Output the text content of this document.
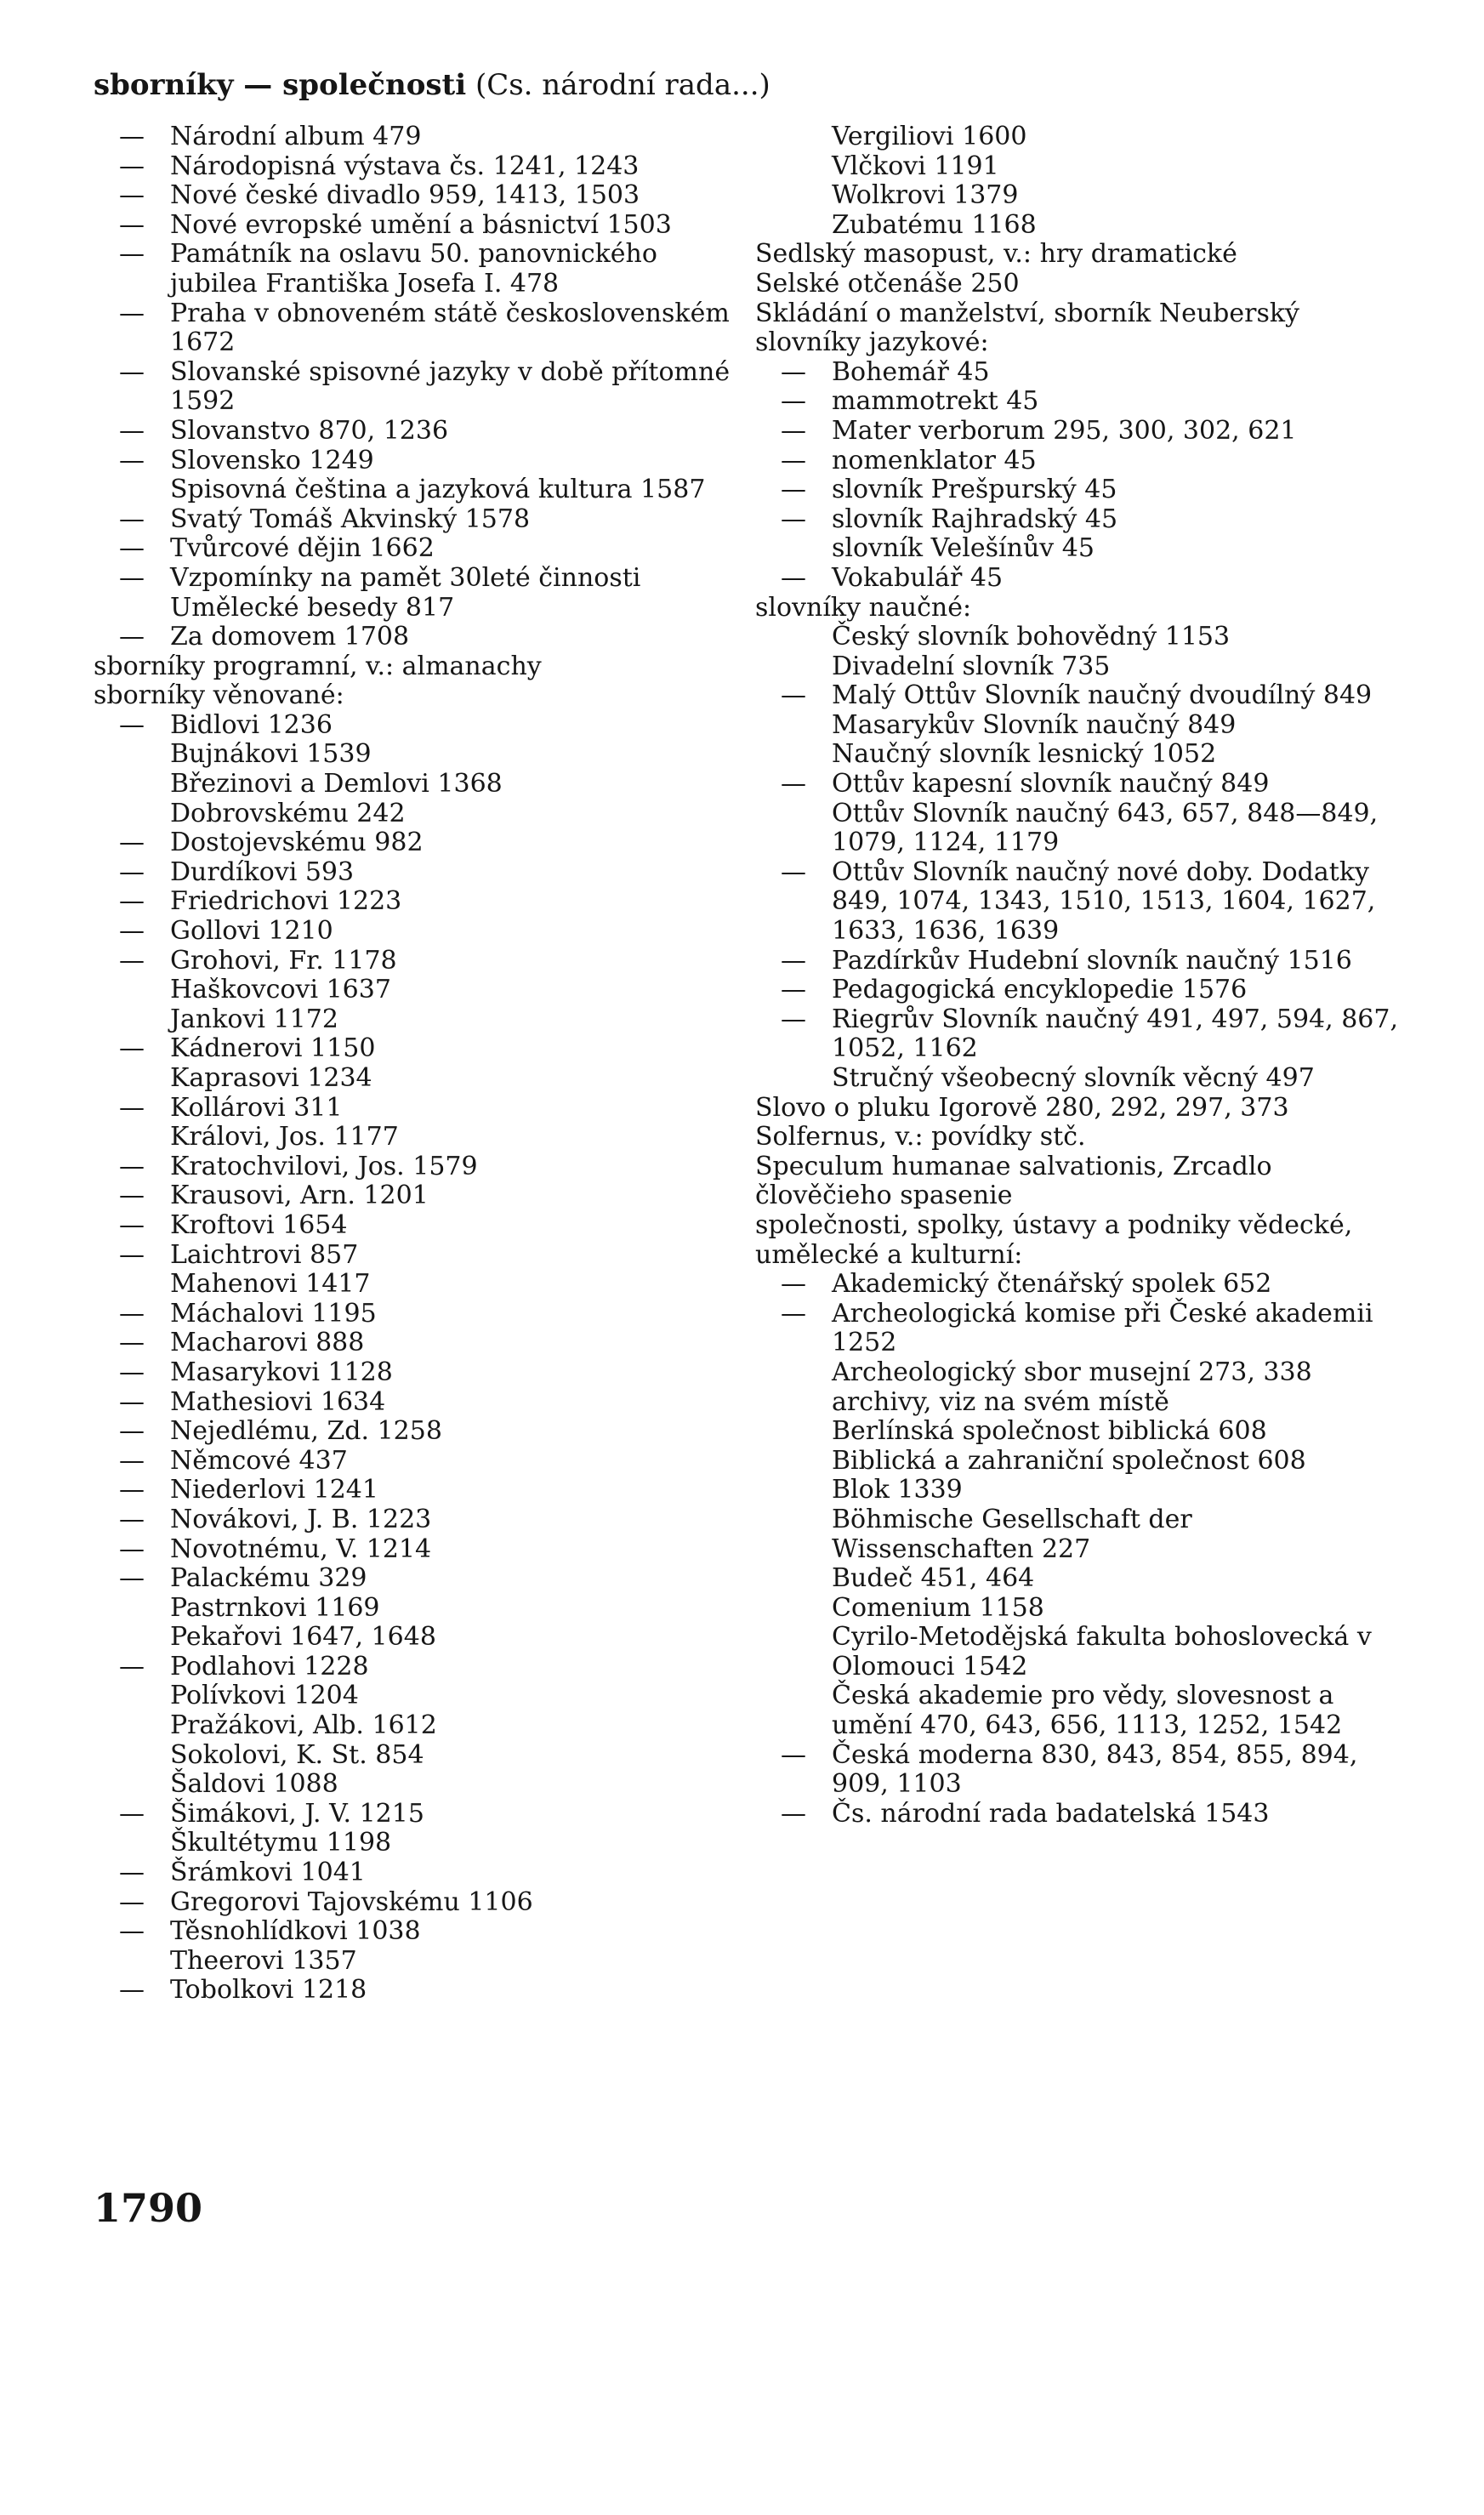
sborníky — společnosti (Cs. národní rada...)
—	Národní album 479
—	Národopisná výstava čs. 1241, 1243
—	Nové české divadlo 959, 1413, 1503
—	Nové evropské umění a básnictví 1503
—	Památník na oslavu 50. panovnického jubilea Františka Josefa I. 478
—	Praha v obnoveném státě československém 1672
—	Slovanské spisovné jazyky v době přítomné 1592
—	Slovanstvo 870, 1236
—	Slovensko 1249
Spisovná čeština a jazyková kultura 1587
—	Svatý Tomáš Akvinský 1578
—	Tvůrcové dějin 1662
—	Vzpomínky na pamět 30leté činnosti Umělecké besedy 817
—	Za domovem 1708
sborníky programní, v.: almanachy
sborníky věnované:
—	Bidlovi 1236
Bujnákovi 1539
Březinovi a Demlovi 1368
Dobrovskému 242
—	Dostojevskému 982
—	Durdíkovi 593
—	Friedrichovi 1223
—	Gollovi 1210
—	Grohovi, Fr. 1178
Haškovcovi 1637
Jankovi 1172
—	Kádnerovi 1150
Kaprasovi 1234
—	Kollárovi 311
Královi, Jos. 1177
—	Kratochvilovi, Jos. 1579
—	Krausovi, Arn. 1201
—	Kroftovi 1654
—	Laichtrovi 857
Mahenovi 1417
—	Máchalovi 1195
—	Macharovi 888
—	Masarykovi 1128
—	Mathesiovi 1634
—	Nejedlému, Zd. 1258
—	Němcové 437
—	Niederlovi 1241
—	Novákovi, J. B. 1223
—	Novotnému, V. 1214
—	Palackému 329
Pastrnkovi 1169
Pekařovi 1647, 1648
—	Podlahovi 1228
Polívkovi 1204
Pražákovi, Alb. 1612
Sokolovi, K. St. 854
Šaldovi 1088
—	Šimákovi, J. V. 1215
Škultétymu 1198
—	Šrámkovi 1041
—	Gregorovi Tajovskému 1106
—	Těsnohlídkovi 1038
Theerovi 1357
—	Tobolkovi 1218
Vergiliovi 1600
Vlčkovi 1191
Wolkrovi 1379
Zubatému 1168
Sedlský masopust, v.: hry dramatické
Selské otčenáše 250
Skládání o manželství, sborník Neuberský
slovníky jazykové:
—	Bohemář 45
—	mammotrekt 45
—	Mater verborum 295, 300, 302, 621
—	nomenklator 45
—	slovník Prešpurský 45
—	slovník Rajhradský 45
slovník Velešínův 45
—	Vokabulář 45
slovníky naučné:
Český slovník bohovědný 1153
Divadelní slovník 735
—	Malý Ottův Slovník naučný dvoudílný 849
Masarykův Slovník naučný 849
Naučný slovník lesnický 1052
—	Ottův kapesní slovník naučný 849
Ottův Slovník naučný 643, 657, 848—849, 1079, 1124, 1179
—	Ottův Slovník naučný nové doby. Dodatky 849, 1074, 1343, 1510, 1513, 1604, 1627, 1633, 1636, 1639
—	Pazdírkův Hudební slovník naučný 1516
—	Pedagogická encyklopedie 1576
—	Riegrův Slovník naučný 491, 497, 594, 867, 1052, 1162
Stručný všeobecný slovník věcný 497
Slovo o pluku Igorově 280, 292, 297, 373
Solfernus, v.: povídky stč.
Speculum humanae salvationis, Zrcadlo člověčieho spasenie
společnosti, spolky, ústavy a podniky vědecké, umělecké a kulturní:
—	Akademický čtenářský spolek 652
—	Archeologická komise při České akademii 1252
Archeologický sbor musejní 273, 338
archivy, viz na svém místě
Berlínská společnost biblická 608
Biblická a zahraniční společnost 608
Blok 1339
Böhmische Gesellschaft der Wissenschaften 227
Budeč 451, 464
Comenium 1158
Cyrilo-Metodějská fakulta bohoslovecká v Olomouci 1542
Česká akademie pro vědy, slovesnost a umění 470, 643, 656, 1113, 1252, 1542
—	Česká moderna 830, 843, 854, 855, 894, 909, 1103
—	Čs. národní rada badatelská 1543
1790
